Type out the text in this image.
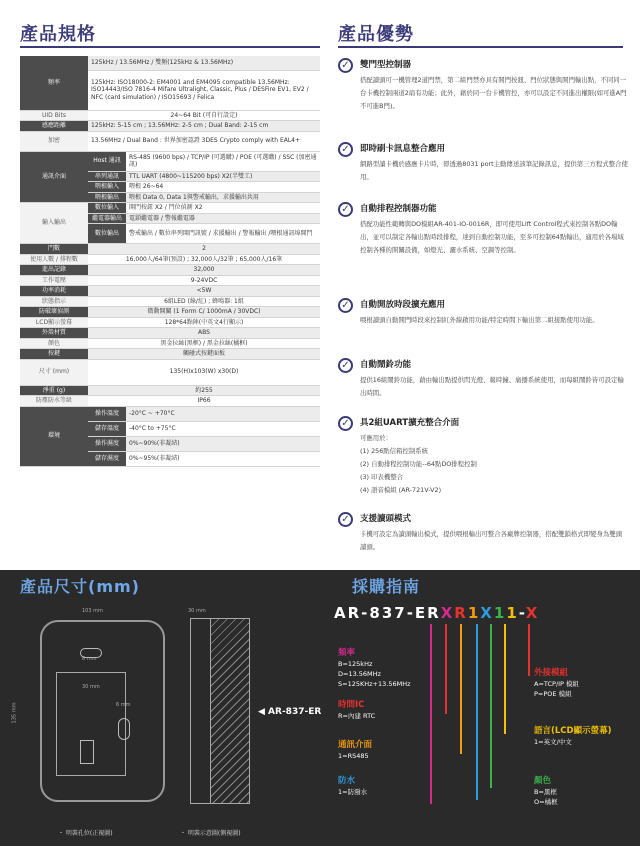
產品規格	產品優勢
頻率	125kHz / 13.56MHz / 雙頻(125kHz & 13.56MHz)	
	125kHz: ISO18000-2: EM4001 and EM4095 compatible 13.56MHz: ISO14443/ISO 7816-4 Mifare Ultralight, Classic, Plus / DESFire EV1, EV2 / NFC (card simulation) / ISO15693 / Felica	
UID Bits	24~64 Bit (可自行設定)	
感應距離	125kHz: 5-15 cm ; 13.56MHz: 2-5 cm ; Dual Band: 2-15 cm	
加密	13.56MHz / Dual Band : 世界加密認證 3DES Crypto comply with EAL4+	
通訊介面	Host 通訊	RS-485 (9600 bps) / TCP/IP (可選購) / POE (可選購) / SSC (加密通訊)
	串列通訊	TTL UART (4800~115200 bps) X2(半雙工)
	喂根輸入	喂根 26~64
	喂根輸出	喂根 Data 0, Data 1與警戒輸出，求援輸出共用
輸入輸出	數位輸入	開門按鈕 X2 / 門位偵測 X2
	繼電器輸出	電鎖繼電器 / 警報繼電器
	數位輸出	警戒輸出 / 數位串列開門訊號 / 求援輸出 / 警報輸出 /喂根通訊埠開門
門數	2	
使用人數 / 排程數	16,000人/64筆(預設) ; 32,000人/32筆 ; 65,000人/16筆	
進出記錄	32,000	
工作電壓	9-24VDC	
功率消耗	<5W	
狀態指示	6組LED (綠/紅) ; 蜂鳴器: 1組	
防破壞偵測	微動開關 (1 Form C/ 1000mA / 30VDC)	
LCD顯示螢幕	128*64點陣(中英文4行顯示)	
外殼材質	ABS	
顏色	黑金拉絲(黑框) / 黑金拉絲(橘框)	
按鍵	觸碰式按鍵面板	
尺寸 (mm)	135(H)x103(W) x30(D)	
淨重 (g)	約255	
防塵防水等級	IP66	
環境	操作溫度	-20°C ~ +70°C
	儲存溫度	-40°C to +75°C
	操作濕度	0%~90%(非凝結)
	儲存濕度	0%~95%(非凝結)
✓	雙門型控制器
搭配讀頭可一機管理2道門禁，第二組門禁亦具有開門按鈕、門位狀態與開門輸出點，不同同一台卡機控制兩道2扇有功能；此外，藉於同一台卡機管控，亦可以設定不同進出權限(如可進A門不可進B門)。
✓	即時刷卡訊息整合應用
網路型讀卡機於感應卡片時，即透過8031 port主動傳送該筆記錄訊息，提供第三方程式整合使用。
✓	自動排程控制器功能
搭配功能性範轉與DO模組AR-401-IO-0016R，即可使用Lift Control程式來控制各點DO輸出，並可以制定各輸出點時段排程，達到自動控制功能，至多可控制64點輸出，適用於各場域控制各種的開關設備，如燈光、灑水系統、空調等控制。
✓	自動開放時段擴充應用
喂根讀頭自動開門時段來控制紅外線啟用功能/特定時間下輸出第二組接點使用功能。
✓	自動鬧鈴功能
提供16組鬧鈴功能，藉由輸出點提供閃光燈、報時鐘、廣播系統使用，而每組鬧鈴皆可設定輸出時間。
✓	具2組UART擴充整合介面
可應用於：
(1) 256點信箱控制系統
(2) 自動排程控制功能--64點DO排程控制
(3) 印表機整合
(4) 語音模組 (AR-721V-V2)
✓	支援讀頭模式
卡機可設定為讀頭輸出模式，提供喂根輸出可整合各廠牌控制器，搭配雙鎖格式即變身為雙頭讀頭。
產品尺寸(mm)	採購指南
103 mm
135 mm
8 mm
30 mm
6 mm
30 mm
◀ AR-837-ER
・ 明裝孔位(正視圖)	・ 明裝示意圖(側視圖)
AR-837-ERXR1X11-X
頻率
B=125kHz
D=13.56MHz
S=125KHz+13.56MHz
時間IC
R=內建 RTC
通訊介面
1=RS485
防水
1=防潑水
外接模組
A=TCP/IP 模組
P=POE 模組
語言(LCD顯示螢幕)
1=英文/中文
顏色
B=黑框
O=橘框
